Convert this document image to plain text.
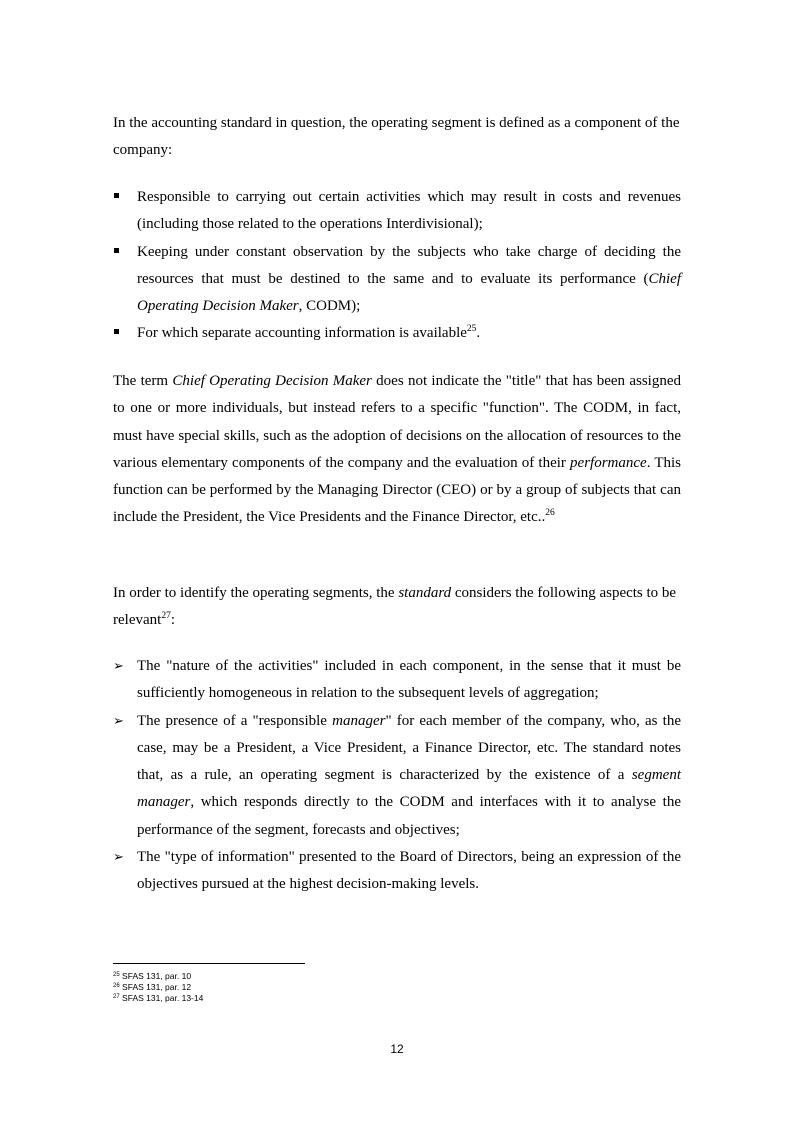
In the accounting standard in question, the operating segment is defined as a component of the company:

Responsible to carrying out certain activities which may result in costs and revenues (including those related to the operations Interdivisional);
Keeping under constant observation by the subjects who take charge of deciding the resources that must be destined to the same and to evaluate its performance (Chief Operating Decision Maker, CODM);
For which separate accounting information is available$^{25}$.

The term Chief Operating Decision Maker does not indicate the "title" that has been assigned to one or more individuals, but instead refers to a specific "function". The CODM, in fact, must have special skills, such as the adoption of decisions on the allocation of resources to the various elementary components of the company and the evaluation of their performance. This function can be performed by the Managing Director (CEO) or by a group of subjects that can include the President, the Vice Presidents and the Finance Director, etc..$^{26}$

In order to identify the operating segments, the standard considers the following aspects to be relevant$^{27}$:

➢ The "nature of the activities" included in each component, in the sense that it must be sufficiently homogeneous in relation to the subsequent levels of aggregation;
➢ The presence of a "responsible manager" for each member of the company, who, as the case, may be a President, a Vice President, a Finance Director, etc. The standard notes that, as a rule, an operating segment is characterized by the existence of a segment manager, which responds directly to the CODM and interfaces with it to analyse the performance of the segment, forecasts and objectives;
➢ The "type of information" presented to the Board of Directors, being an expression of the objectives pursued at the highest decision-making levels.
$^{25}$ SFAS 131, par. 10
$^{26}$ SFAS 131, par. 12
$^{27}$ SFAS 131, par. 13-14
12
